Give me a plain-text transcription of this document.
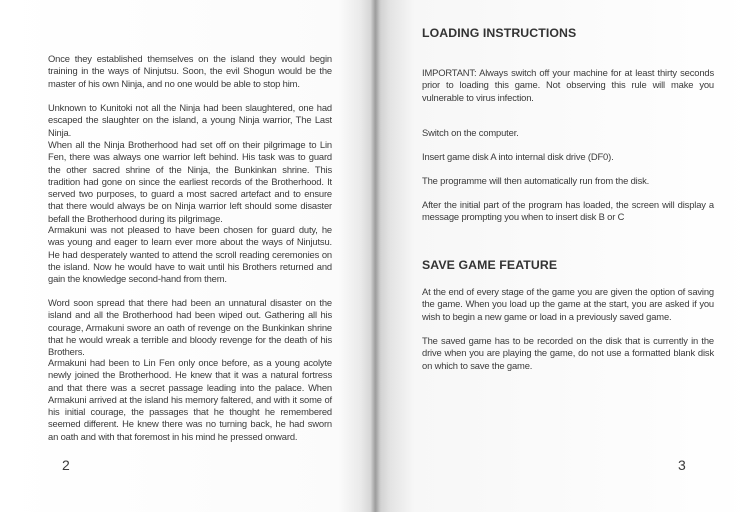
Once they established themselves on the island they would begin training in the ways of Ninjutsu. Soon, the evil Shogun would be the master of his own Ninja, and no one would be able to stop him.

Unknown to Kunitoki not all the Ninja had been slaughtered, one had escaped the slaughter on the island, a young Ninja warrior, The Last Ninja.

When all the Ninja Brotherhood had set off on their pilgrimage to Lin Fen, there was always one warrior left behind. His task was to guard the other sacred shrine of the Ninja, the Bunkinkan shrine. This tradition had gone on since the earliest records of the Brotherhood. It served two purposes, to guard a most sacred artefact and to ensure that there would always be on Ninja warrior left should some disaster befall the Brotherhood during its pilgrimage.

Armakuni was not pleased to have been chosen for guard duty, he was young and eager to learn ever more about the ways of Ninjutsu. He had desperately wanted to attend the scroll reading ceremonies on the island. Now he would have to wait until his Brothers returned and gain the knowledge second-hand from them.

Word soon spread that there had been an unnatural disaster on the island and all the Brotherhood had been wiped out. Gathering all his courage, Armakuni swore an oath of revenge on the Bunkinkan shrine that he would wreak a terrible and bloody revenge for the death of his Brothers.

Armakuni had been to Lin Fen only once before, as a young acolyte newly joined the Brotherhood. He knew that it was a natural fortress and that there was a secret passage leading into the palace. When Armakuni arrived at the island his memory faltered, and with it some of his initial courage, the passages that he thought he remembered seemed different. He knew there was no turning back, he had sworn an oath and with that foremost in his mind he pressed onward.

2
LOADING INSTRUCTIONS

IMPORTANT: Always switch off your machine for at least thirty seconds prior to loading this game. Not observing this rule will make you vulnerable to virus infection.

Switch on the computer.

Insert game disk A into internal disk drive (DF0).

The programme will then automatically run from the disk.

After the initial part of the program has loaded, the screen will display a message prompting you when to insert disk B or C

SAVE GAME FEATURE

At the end of every stage of the game you are given the option of saving the game. When you load up the game at the start, you are asked if you wish to begin a new game or load in a previously saved game.

The saved game has to be recorded on the disk that is currently in the drive when you are playing the game, do not use a formatted blank disk on which to save the game.

3
